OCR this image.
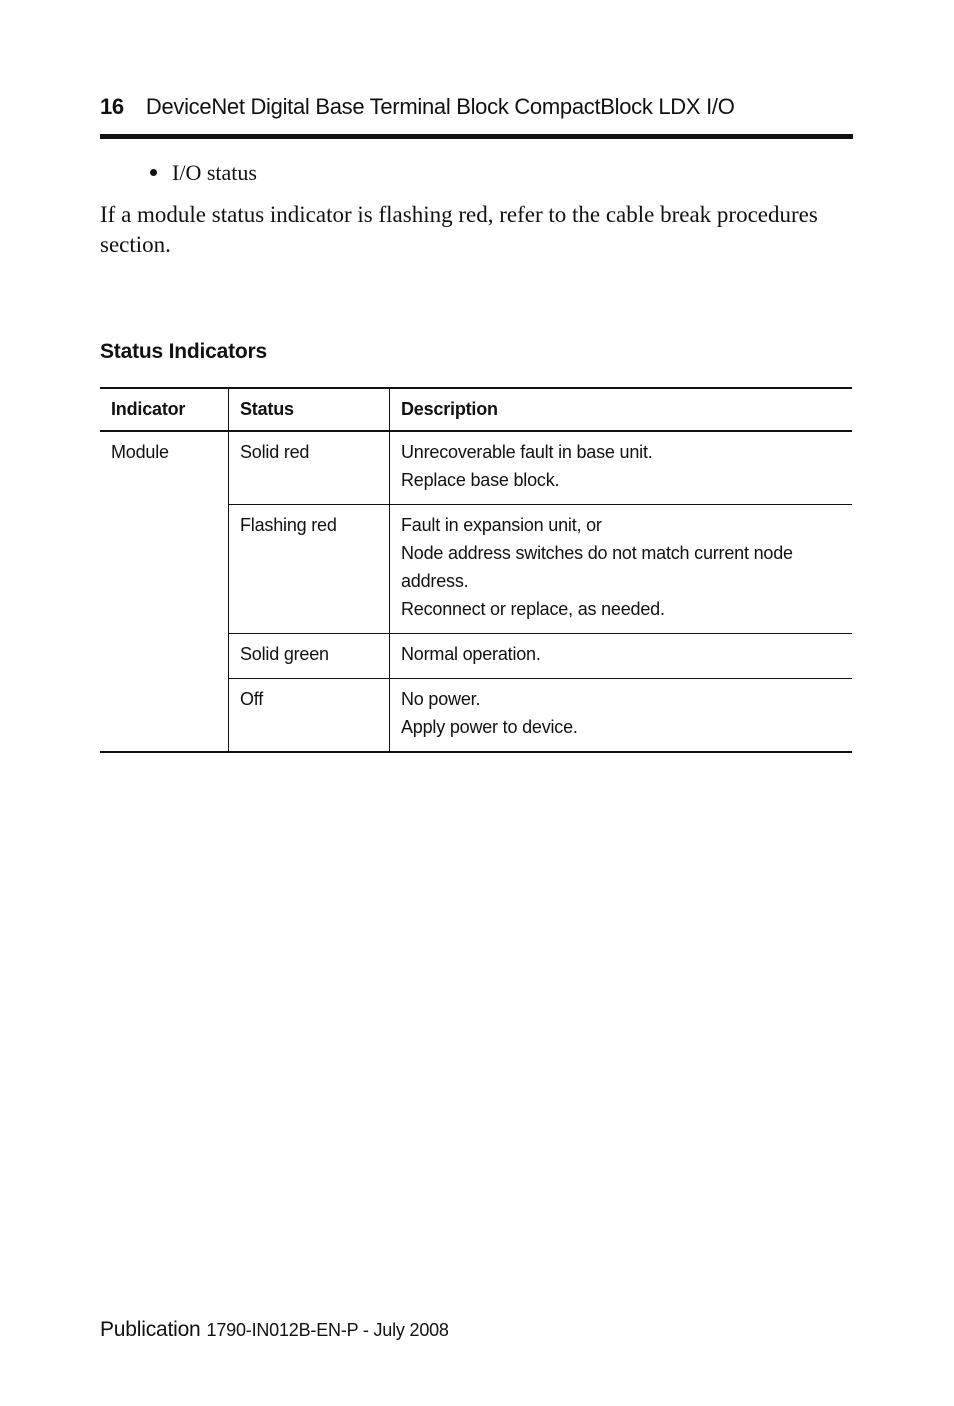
16 DeviceNet Digital Base Terminal Block CompactBlock LDX I/O
I/O status

If a module status indicator is flashing red, refer to the cable break procedures section.

Status Indicators
Indicator	Status	Description
Module	Solid red	Unrecoverable fault in base unit.
Replace base block.

	Flashing red	Fault in expansion unit, or
Node address switches do not match current node address.
Reconnect or replace, as needed.

	Solid green	Normal operation.

	Off	No power.
Apply power to device.
Publication 1790-IN012B-EN-P - July 2008
